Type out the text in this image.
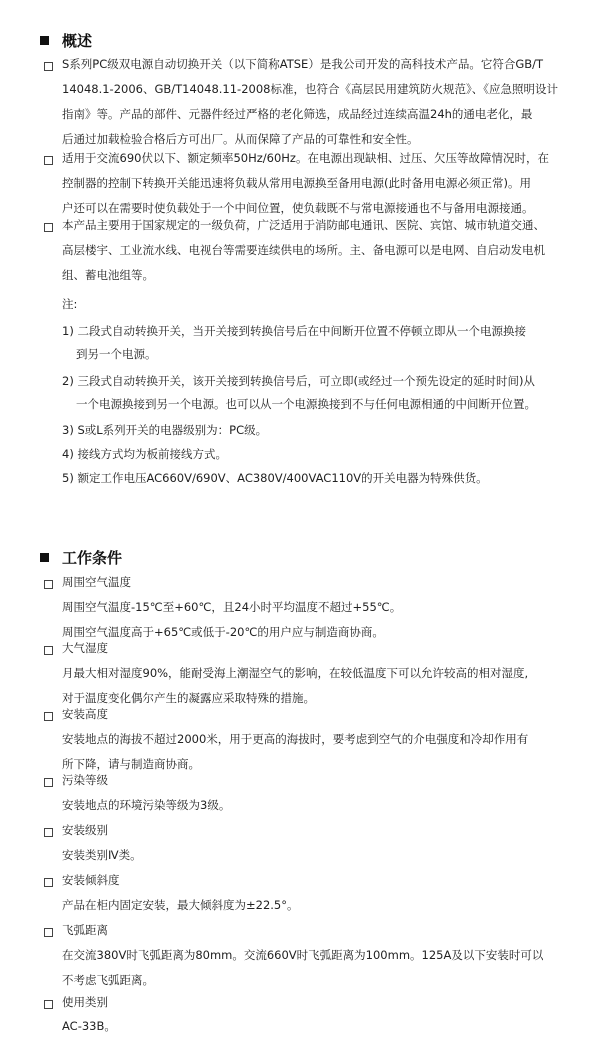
概述
S系列PC级双电源自动切换开关（以下简称ATSE）是我公司开发的高科技术产品。它符合GB/T
14048.1-2006、GB/T14048.11-2008标准，也符合《高层民用建筑防火规范》、《应急照明设计
指南》等。产品的部件、元器件经过严格的老化筛选，成品经过连续高温24h的通电老化，最
后通过加载检验合格后方可出厂。从而保障了产品的可靠性和安全性。
适用于交流690伏以下、额定频率50Hz/60Hz。在电源出现缺相、过压、欠压等故障情况时，在
控制器的控制下转换开关能迅速将负载从常用电源换至备用电源(此时备用电源必须正常)。用
户还可以在需要时使负载处于一个中间位置，使负载既不与常电源接通也不与备用电源接通。
本产品主要用于国家规定的一级负荷，广泛适用于消防邮电通讯、医院、宾馆、城市轨道交通、
高层楼宇、工业流水线、电视台等需要连续供电的场所。主、备电源可以是电网、自启动发电机
组、蓄电池组等。
注:
1) 二段式自动转换开关，当开关接到转换信号后在中间断开位置不停顿立即从一个电源换接
到另一个电源。
2) 三段式自动转换开关，该开关接到转换信号后，可立即(或经过一个预先设定的延时时间)从
一个电源换接到另一个电源。也可以从一个电源换接到不与任何电源相通的中间断开位置。
3) S或L系列开关的电器级别为：PC级。
4) 接线方式均为板前接线方式。
5) 额定工作电压AC660V/690V、AC380V/400VAC110V的开关电器为特殊供货。
工作条件
周围空气温度
周围空气温度-15℃至+60℃，且24小时平均温度不超过+55℃。
周围空气温度高于+65℃或低于-20℃的用户应与制造商协商。
大气湿度
月最大相对湿度90%，能耐受海上潮湿空气的影响，在较低温度下可以允许较高的相对湿度,
对于温度变化偶尔产生的凝露应采取特殊的措施。
安装高度
安装地点的海拔不超过2000米，用于更高的海拔时，要考虑到空气的介电强度和冷却作用有
所下降，请与制造商协商。
污染等级
安装地点的环境污染等级为3级。
安装级别
安装类别Ⅳ类。
安装倾斜度
产品在柜内固定安装，最大倾斜度为±22.5°。
飞弧距离
在交流380V时飞弧距离为80mm。交流660V时飞弧距离为100mm。125A及以下安装时可以
不考虑飞弧距离。
使用类别
AC-33B。
